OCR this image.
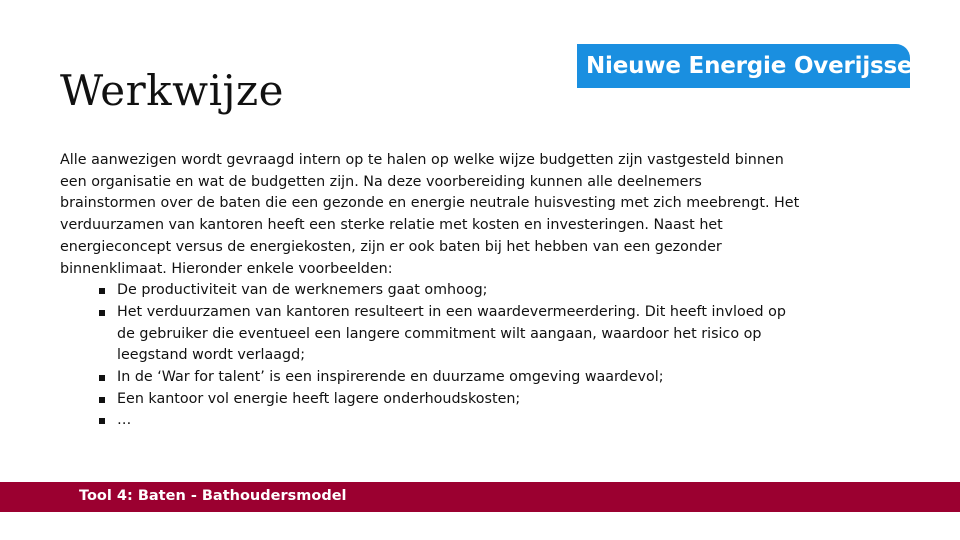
Werkwijze	Nieuwe Energie Overijssel

Alle aanwezigen wordt gevraagd intern op te halen op welke wijze budgetten zijn vastgesteld binnen een organisatie en wat de budgetten zijn. Na deze voorbereiding kunnen alle deelnemers brainstormen over de baten die een gezonde en energie neutrale huisvesting met zich meebrengt. Het verduurzamen van kantoren heeft een sterke relatie met kosten en investeringen. Naast het energieconcept versus de energiekosten, zijn er ook baten bij het hebben van een gezonder binnenklimaat. Hieronder enkele voorbeelden:

De productiviteit van de werknemers gaat omhoog;
Het verduurzamen van kantoren resulteert in een waardevermeerdering. Dit heeft invloed op de gebruiker die eventueel een langere commitment wilt aangaan, waardoor het risico op leegstand wordt verlaagd;
In de ‘War for talent’ is een inspirerende en duurzame omgeving waardevol;
Een kantoor vol energie heeft lagere onderhoudskosten;
…
Tool 4: Baten - Bathoudersmodel
